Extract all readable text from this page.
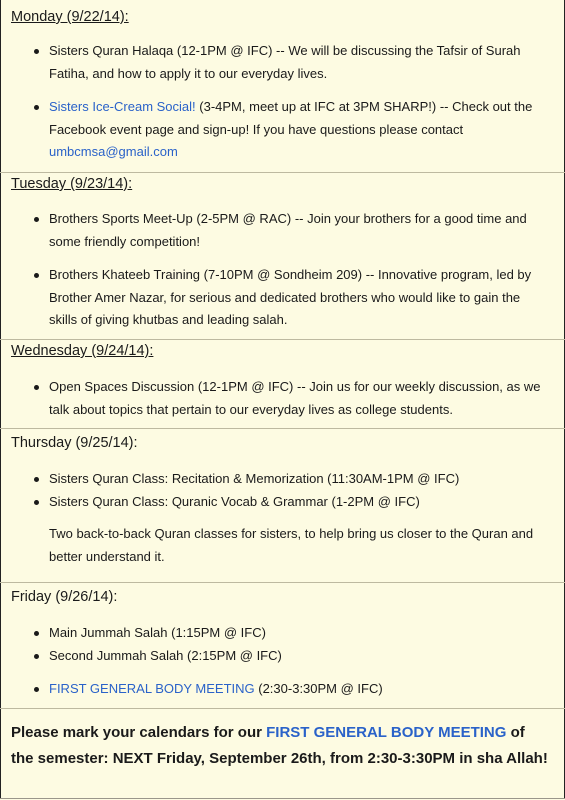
Monday (9/22/14):
Sisters Quran Halaqa (12-1PM @ IFC) -- We will be discussing the Tafsir of Surah Fatiha, and how to apply it to our everyday lives.
Sisters Ice-Cream Social! (3-4PM, meet up at IFC at 3PM SHARP!) -- Check out the Facebook event page and sign-up! If you have questions please contact umbcmsa@gmail.com
Tuesday (9/23/14):
Brothers Sports Meet-Up (2-5PM @ RAC) -- Join your brothers for a good time and some friendly competition!
Brothers Khateeb Training (7-10PM @ Sondheim 209) -- Innovative program, led by Brother Amer Nazar, for serious and dedicated brothers who would like to gain the skills of giving khutbas and leading salah.
Wednesday (9/24/14):
Open Spaces Discussion (12-1PM @ IFC) -- Join us for our weekly discussion, as we talk about topics that pertain to our everyday lives as college students.
Thursday (9/25/14):
Sisters Quran Class: Recitation & Memorization (11:30AM-1PM @ IFC)
Sisters Quran Class: Quranic Vocab & Grammar (1-2PM @ IFC)
Two back-to-back Quran classes for sisters, to help bring us closer to the Quran and better understand it.
Friday (9/26/14):
Main Jummah Salah (1:15PM @ IFC)
Second Jummah Salah (2:15PM @ IFC)
FIRST GENERAL BODY MEETING (2:30-3:30PM @ IFC)

Please mark your calendars for our FIRST GENERAL BODY MEETING of the semester: NEXT Friday, September 26th, from 2:30-3:30PM in sha Allah!
